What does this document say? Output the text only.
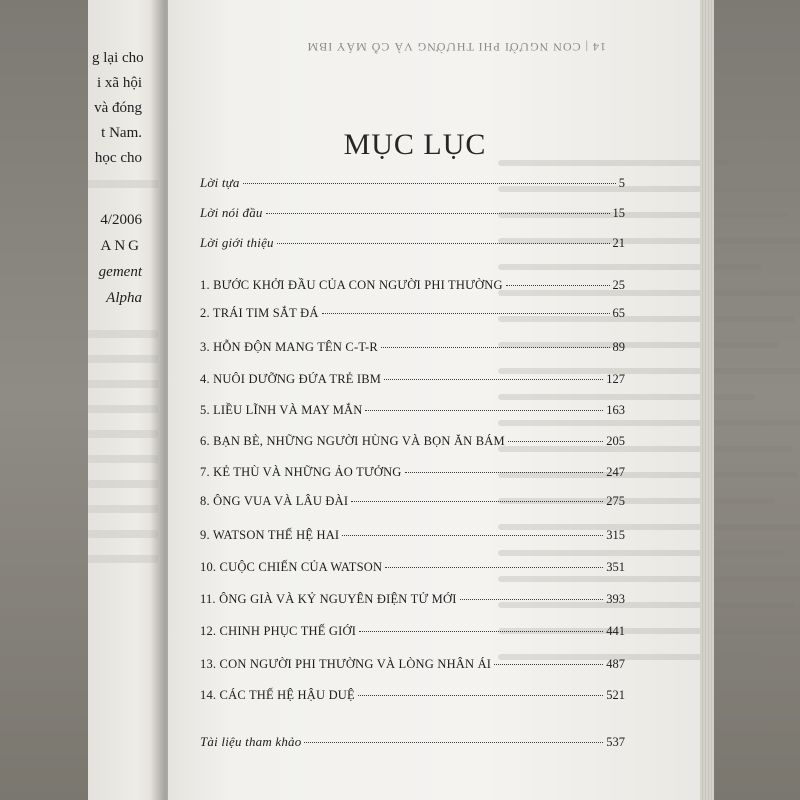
g lại cho
i xã hội
và đóng
t Nam.
học cho
4/2006
ANG
gement
Alpha
14 | CON NGƯỜI PHI THƯỜNG VÀ CỖ MÁY IBM
MỤC LỤC
Lời tựa	5
Lời nói đầu	15
Lời giới thiệu	21
1. BƯỚC KHỞI ĐẦU CỦA CON NGƯỜI PHI THƯỜNG	25
2. TRÁI TIM SẮT ĐÁ	65
3. HỖN ĐỘN MANG TÊN C-T-R	89
4. NUÔI DƯỠNG ĐỨA TRẺ IBM	127
5. LIỀU LĨNH VÀ MAY MẮN	163
6. BẠN BÈ, NHỮNG NGƯỜI HÙNG VÀ BỌN ĂN BÁM	205
7. KẺ THÙ VÀ NHỮNG ẢO TƯỞNG	247
8. ÔNG VUA VÀ LÂU ĐÀI	275
9. WATSON THẾ HỆ HAI	315
10. CUỘC CHIẾN CỦA WATSON	351
11. ÔNG GIÀ VÀ KỶ NGUYÊN ĐIỆN TỬ MỚI	393
12. CHINH PHỤC THẾ GIỚI	441
13. CON NGƯỜI PHI THƯỜNG VÀ LÒNG NHÂN ÁI	487
14. CÁC THẾ HỆ HẬU DUỆ	521
Tài liệu tham khảo	537
